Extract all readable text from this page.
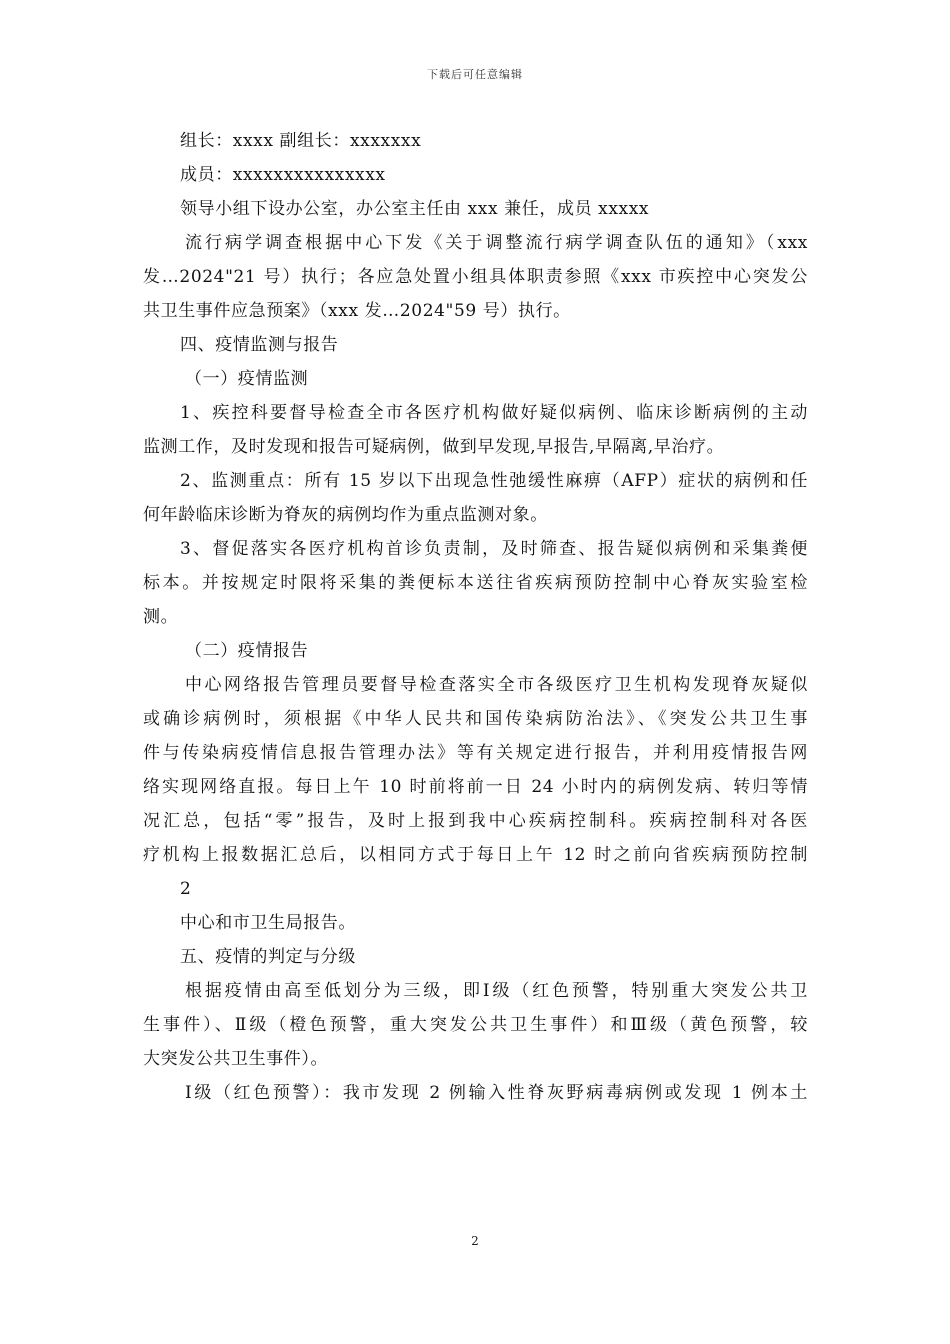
下载后可任意编辑
组长：xxxx 副组长：xxxxxxx
成员：xxxxxxxxxxxxxxx
领导小组下设办公室，办公室主任由 xxx 兼任，成员 xxxxx
流行病学调查根据中心下发《关于调整流行病学调查队伍的通知》（xxx
发…2024"21 号）执行；各应急处置小组具体职责参照《xxx 市疾控中心突发公
共卫生事件应急预案》（xxx 发…2024"59 号）执行。
四、疫情监测与报告
（一）疫情监测
1、疾控科要督导检查全市各医疗机构做好疑似病例、临床诊断病例的主动
监测工作，及时发现和报告可疑病例，做到早发现,早报告,早隔离,早治疗。
2、监测重点：所有 15 岁以下出现急性弛缓性麻痹（AFP）症状的病例和任
何年龄临床诊断为脊灰的病例均作为重点监测对象。
3、督促落实各医疗机构首诊负责制，及时筛查、报告疑似病例和采集粪便
标本。并按规定时限将采集的粪便标本送往省疾病预防控制中心脊灰实验室检
测。
（二）疫情报告
中心网络报告管理员要督导检查落实全市各级医疗卫生机构发现脊灰疑似
或确诊病例时，须根据《中华人民共和国传染病防治法》、《突发公共卫生事
件与传染病疫情信息报告管理办法》等有关规定进行报告，并利用疫情报告网
络实现网络直报。每日上午 10 时前将前一日 24 小时内的病例发病、转归等情
况汇总，包括“零”报告，及时上报到我中心疾病控制科。疾病控制科对各医
疗机构上报数据汇总后，以相同方式于每日上午 12 时之前向省疾病预防控制
2
中心和市卫生局报告。
五、疫情的判定与分级
根据疫情由高至低划分为三级，即Ⅰ级（红色预警，特别重大突发公共卫
生事件）、Ⅱ级（橙色预警，重大突发公共卫生事件）和Ⅲ级（黄色预警，较
大突发公共卫生事件）。
Ⅰ级（红色预警）：我市发现 2 例输入性脊灰野病毒病例或发现 1 例本土
2
